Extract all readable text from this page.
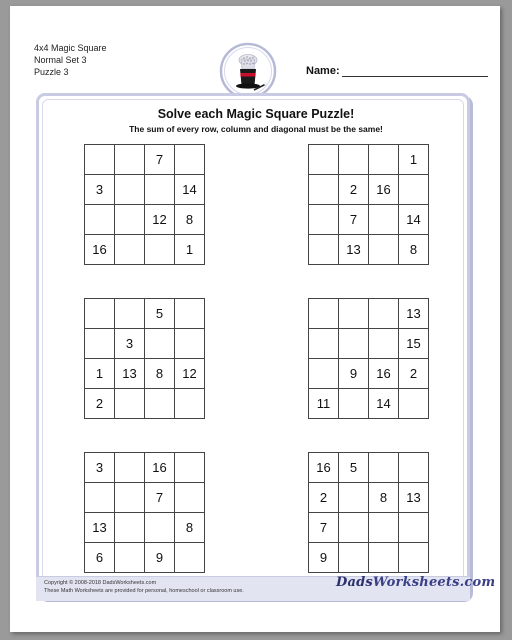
4x4 Magic Square
Normal Set 3
Puzzle 3	Name:
Solve each Magic Square Puzzle!
The sum of every row, column and diagonal must be the same!
		7	
3			14
		12	8
16			1
			1
	2	16	
	7		14
	13		8
		5	
	3		
1	13	8	12
2			
			13
			15
	9	16	2
11		14	
3		16	
		7	
13			8
6		9	
16	5		
2		8	13
7			
9			
Copyright © 2008-2018 DadsWorksheets.com
These Math Worksheets are provided for personal, homeschool or classroom use.
DadsWorksheets.com
